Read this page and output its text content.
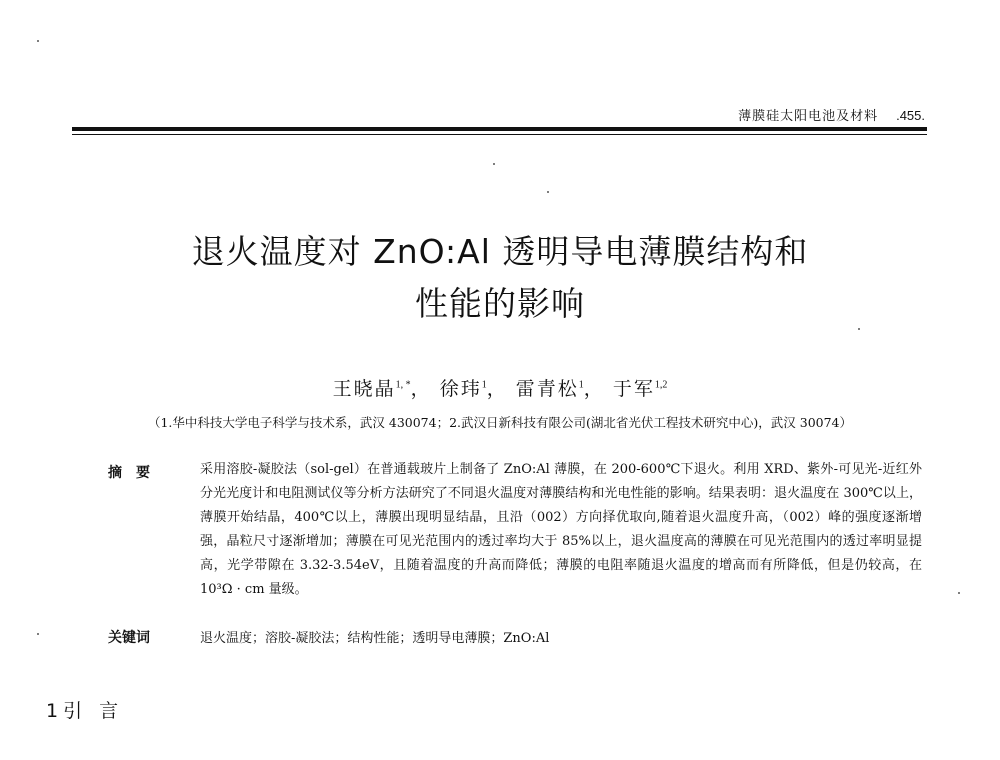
薄膜硅太阳电池及材料 .455.
退火温度对 ZnO:Al 透明导电薄膜结构和
性能的影响
王晓晶$^{1, *}$， 徐玮$^1$， 雷青松$^1$， 于军$^{1,2}$
（1.华中科技大学电子科学与技术系，武汉 430074；2.武汉日新科技有限公司(湖北省光伏工程技术研究中心)，武汉 30074）
摘要	采用溶胶-凝胶法（sol-gel）在普通载玻片上制备了 ZnO:Al 薄膜，在 200-600℃下退火。利用 XRD、紫外-可见光-近红外分光光度计和电阻测试仪等分析方法研究了不同退火温度对薄膜结构和光电性能的影响。结果表明：退火温度在 300℃以上，薄膜开始结晶，400℃以上，薄膜出现明显结晶，且沿（002）方向择优取向,随着退火温度升高，（002）峰的强度逐渐增强，晶粒尺寸逐渐增加；薄膜在可见光范围内的透过率均大于 85%以上，退火温度高的薄膜在可见光范围内的透过率明显提高，光学带隙在 3.32-3.54eV，且随着温度的升高而降低；薄膜的电阻率随退火温度的增高而有所降低，但是仍较高，在 10³Ω · cm 量级。
关键词	退火温度；溶胶-凝胶法；结构性能；透明导电薄膜；ZnO:Al
1 引 言
